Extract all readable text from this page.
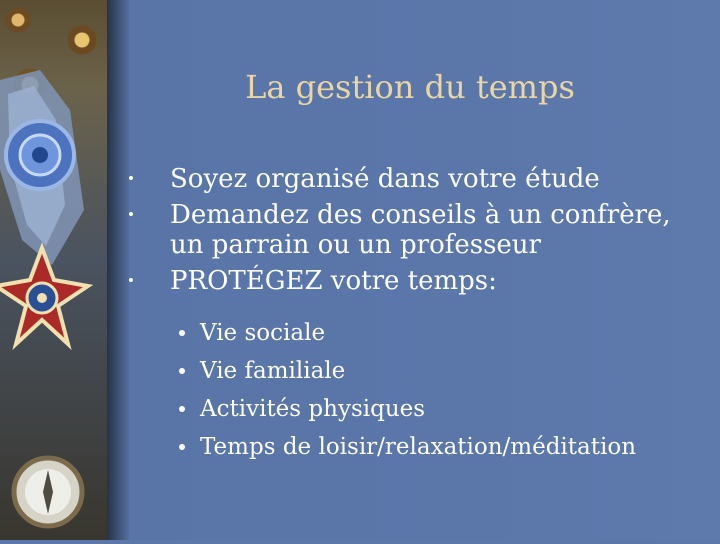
La gestion du temps
Soyez organisé dans votre étude
Demandez des conseils à un confrère, un parrain ou un professeur
PROTÉGEZ votre temps:
Vie sociale
Vie familiale
Activités physiques
Temps de loisir/relaxation/méditation
